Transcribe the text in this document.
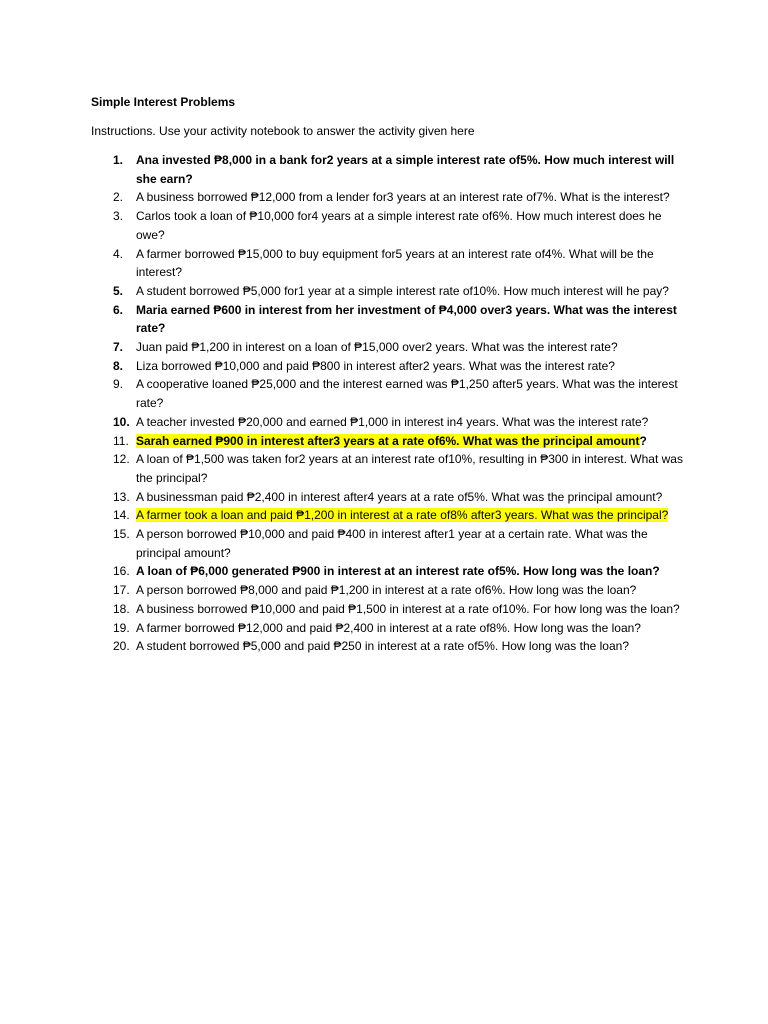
Simple Interest Problems

Instructions. Use your activity notebook to answer the activity given here

1.	Ana invested ₱8,000 in a bank for2 years at a simple interest rate of5%. How much interest will she earn?
2.	A business borrowed ₱12,000 from a lender for3 years at an interest rate of7%. What is the interest?
3.	Carlos took a loan of ₱10,000 for4 years at a simple interest rate of6%. How much interest does he owe?
4.	A farmer borrowed ₱15,000 to buy equipment for5 years at an interest rate of4%. What will be the interest?
5.	A student borrowed ₱5,000 for1 year at a simple interest rate of10%. How much interest will he pay?
6.	Maria earned ₱600 in interest from her investment of ₱4,000 over3 years. What was the interest rate?
7.	Juan paid ₱1,200 in interest on a loan of ₱15,000 over2 years. What was the interest rate?
8.	Liza borrowed ₱10,000 and paid ₱800 in interest after2 years. What was the interest rate?
9.	A cooperative loaned ₱25,000 and the interest earned was ₱1,250 after5 years. What was the interest rate?
10. A teacher invested ₱20,000 and earned ₱1,000 in interest in4 years. What was the interest rate?
11. Sarah earned ₱900 in interest after3 years at a rate of6%. What was the principal amount?
12. A loan of ₱1,500 was taken for2 years at an interest rate of10%, resulting in ₱300 in interest. What was the principal?
13. A businessman paid ₱2,400 in interest after4 years at a rate of5%. What was the principal amount?
14. A farmer took a loan and paid ₱1,200 in interest at a rate of8% after3 years. What was the principal?
15. A person borrowed ₱10,000 and paid ₱400 in interest after1 year at a certain rate. What was the principal amount?
16. A loan of ₱6,000 generated ₱900 in interest at an interest rate of5%. How long was the loan?
17. A person borrowed ₱8,000 and paid ₱1,200 in interest at a rate of6%. How long was the loan?
18. A business borrowed ₱10,000 and paid ₱1,500 in interest at a rate of10%. For how long was the loan?
19. A farmer borrowed ₱12,000 and paid ₱2,400 in interest at a rate of8%. How long was the loan?
20. A student borrowed ₱5,000 and paid ₱250 in interest at a rate of5%. How long was the loan?
